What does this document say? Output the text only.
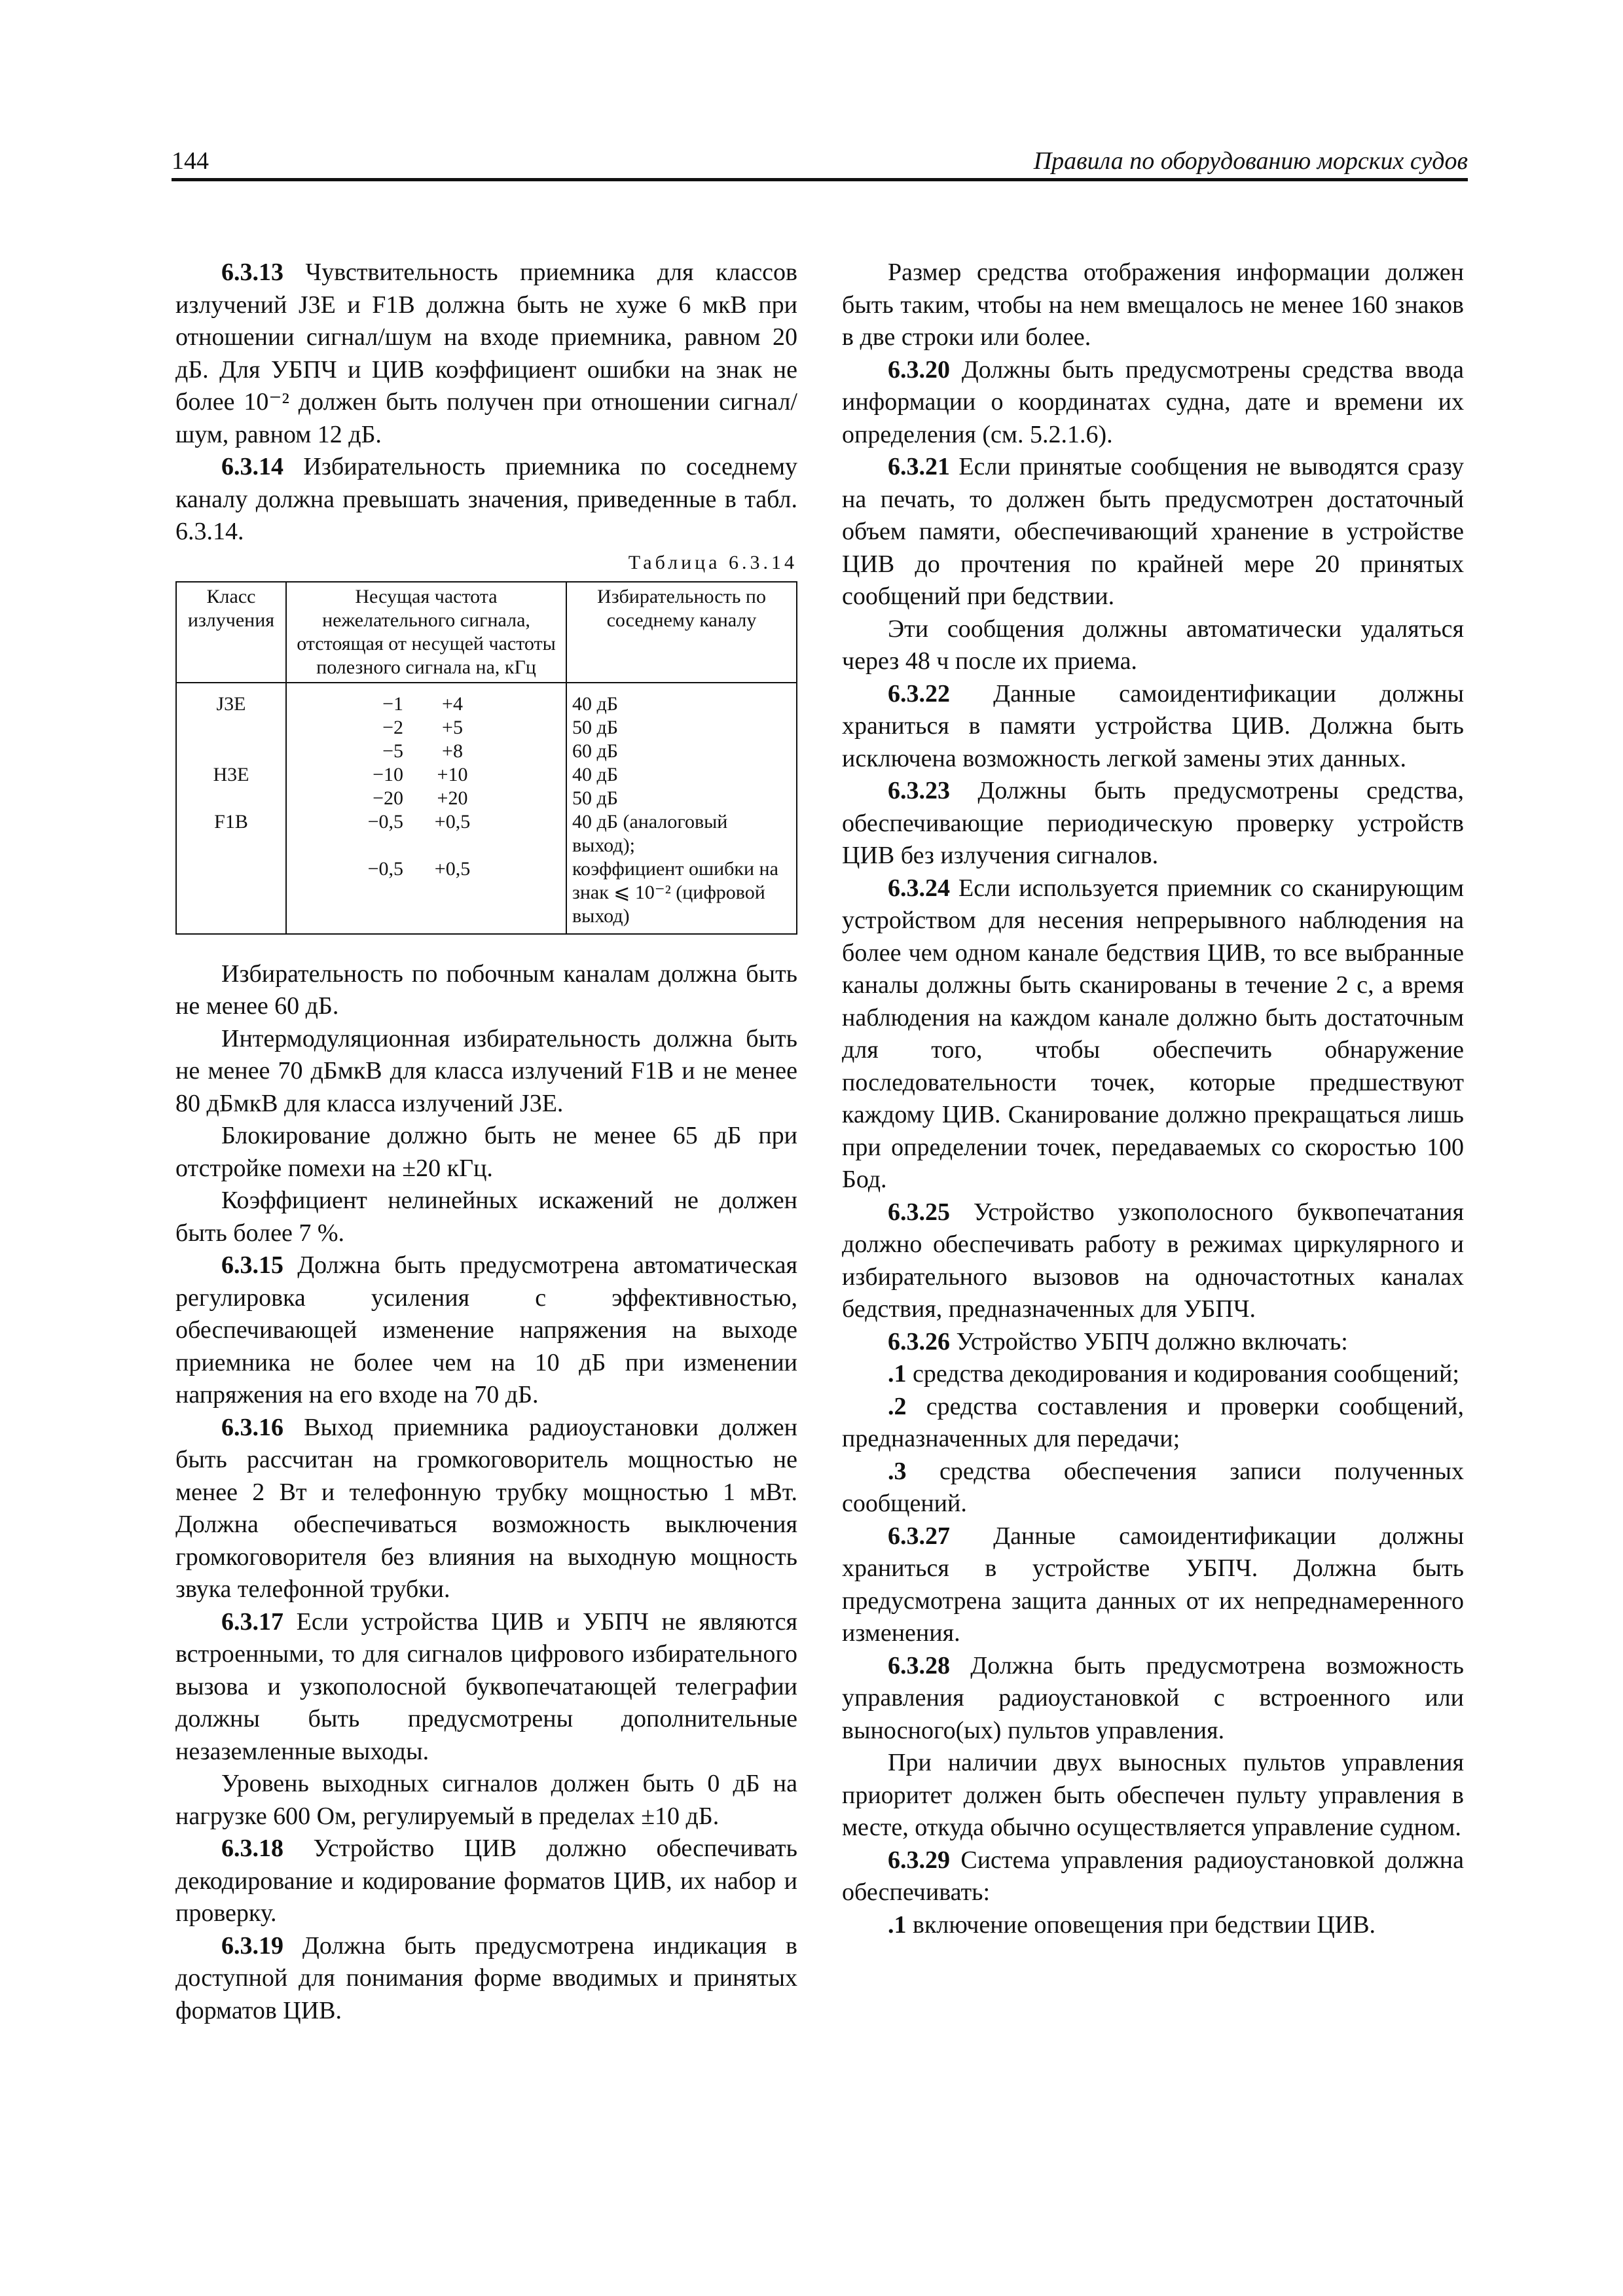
144	Правила по оборудованию морских судов

6.3.13 Чувствительность приемника для классов излучений J3E и F1B должна быть не хуже 6 мкВ при отношении сигнал/шум на входе приемника, равном 20 дБ. Для УБПЧ и ЦИВ коэффициент ошибки на знак не более 10⁻² должен быть получен при отношении сигнал/шум, равном 12 дБ.

6.3.14 Избирательность приемника по соседнему каналу должна превышать значения, приведенные в табл. 6.3.14.

Таблица 6.3.14
Класс излучения	Несущая частота нежелательного сигнала, отстоящая от несущей частоты полезного сигнала на, кГц	Избирательность по соседнему каналу
J3E	−1 +4	40 дБ
	−2 +5	50 дБ
	−5 +8	60 дБ
H3E	−10 +10	40 дБ
	−20 +20	50 дБ
F1B	−0,5 +0,5	40 дБ (аналоговый выход);
	−0,5 +0,5	коэффициент ошибки на знак ⩽ 10⁻² (цифровой выход)

Избирательность по побочным каналам должна быть не менее 60 дБ.

Интермодуляционная избирательность должна быть не менее 70 дБмкВ для класса излучений F1B и не менее 80 дБмкВ для класса излучений J3E.

Блокирование должно быть не менее 65 дБ при отстройке помехи на ±20 кГц.

Коэффициент нелинейных искажений не должен быть более 7 %.

6.3.15 Должна быть предусмотрена автоматическая регулировка усиления с эффективностью, обеспечивающей изменение напряжения на выходе приемника не более чем на 10 дБ при изменении напряжения на его входе на 70 дБ.

6.3.16 Выход приемника радиоустановки должен быть рассчитан на громкоговоритель мощностью не менее 2 Вт и телефонную трубку мощностью 1 мВт. Должна обеспечиваться возможность выключения громкоговорителя без влияния на выходную мощность звука телефонной трубки.

6.3.17 Если устройства ЦИВ и УБПЧ не являются встроенными, то для сигналов цифрового избирательного вызова и узкополосной буквопечатающей телеграфии должны быть предусмотрены дополнительные незаземленные выходы.

Уровень выходных сигналов должен быть 0 дБ на нагрузке 600 Ом, регулируемый в пределах ±10 дБ.

6.3.18 Устройство ЦИВ должно обеспечивать декодирование и кодирование форматов ЦИВ, их набор и проверку.

6.3.19 Должна быть предусмотрена индикация в доступной для понимания форме вводимых и принятых форматов ЦИВ.

Размер средства отображения информации должен быть таким, чтобы на нем вмещалось не менее 160 знаков в две строки или более.

6.3.20 Должны быть предусмотрены средства ввода информации о координатах судна, дате и времени их определения (см. 5.2.1.6).

6.3.21 Если принятые сообщения не выводятся сразу на печать, то должен быть предусмотрен достаточный объем памяти, обеспечивающий хранение в устройстве ЦИВ до прочтения по крайней мере 20 принятых сообщений при бедствии.

Эти сообщения должны автоматически удаляться через 48 ч после их приема.

6.3.22 Данные самоидентификации должны храниться в памяти устройства ЦИВ. Должна быть исключена возможность легкой замены этих данных.

6.3.23 Должны быть предусмотрены средства, обеспечивающие периодическую проверку устройств ЦИВ без излучения сигналов.

6.3.24 Если используется приемник со сканирующим устройством для несения непрерывного наблюдения на более чем одном канале бедствия ЦИВ, то все выбранные каналы должны быть сканированы в течение 2 с, а время наблюдения на каждом канале должно быть достаточным для того, чтобы обеспечить обнаружение последовательности точек, которые предшествуют каждому ЦИВ. Сканирование должно прекращаться лишь при определении точек, передаваемых со скоростью 100 Бод.

6.3.25 Устройство узкополосного буквопечатания должно обеспечивать работу в режимах циркулярного и избирательного вызовов на одночастотных каналах бедствия, предназначенных для УБПЧ.

6.3.26 Устройство УБПЧ должно включать:

.1 средства декодирования и кодирования сообщений;

.2 средства составления и проверки сообщений, предназначенных для передачи;

.3 средства обеспечения записи полученных сообщений.

6.3.27 Данные самоидентификации должны храниться в устройстве УБПЧ. Должна быть предусмотрена защита данных от их непреднамеренного изменения.

6.3.28 Должна быть предусмотрена возможность управления радиоустановкой с встроенного или выносного(ых) пультов управления.

При наличии двух выносных пультов управления приоритет должен быть обеспечен пульту управления в месте, откуда обычно осуществляется управление судном.

6.3.29 Система управления радиоустановкой должна обеспечивать:

.1 включение оповещения при бедствии ЦИВ.
